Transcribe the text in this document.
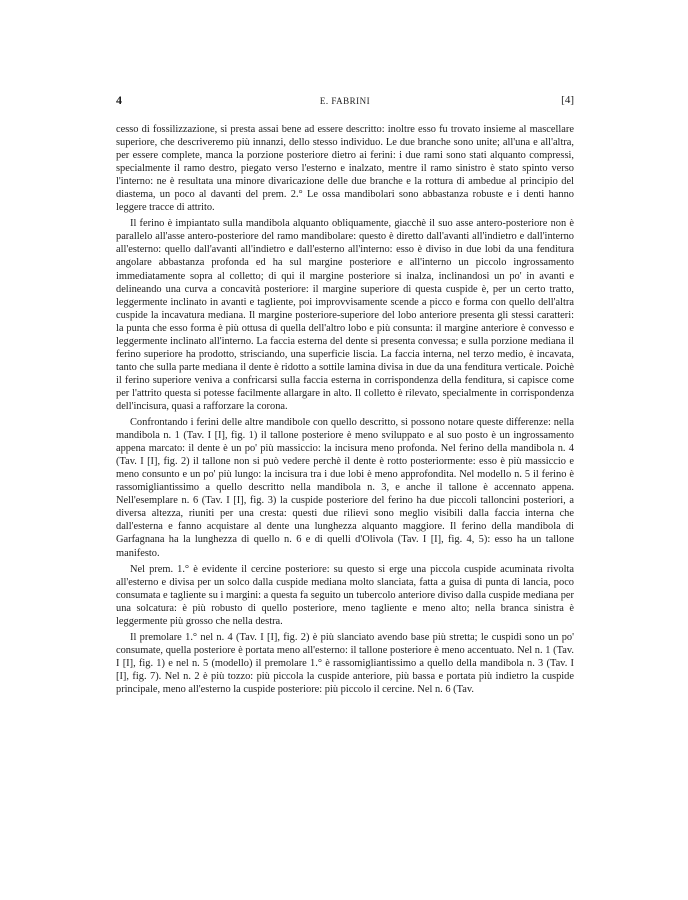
4	E. FABRINI	[4]

cesso di fossilizzazione, si presta assai bene ad essere descritto: inoltre esso fu trovato insieme al mascellare superiore, che descriveremo più innanzi, dello stesso individuo. Le due branche sono unite; all'una e all'altra, per essere complete, manca la porzione posteriore dietro ai ferini: i due rami sono stati alquanto compressi, specialmente il ramo destro, piegato verso l'esterno e inalzato, mentre il ramo sinistro è stato spinto verso l'interno: ne è resultata una minore divaricazione delle due branche e la rottura di ambedue al principio del diastema, un poco al davanti del prem. 2.° Le ossa mandibolari sono abbastanza robuste e i denti hanno leggere tracce di attrito.

Il ferino è impiantato sulla mandibola alquanto obliquamente, giacchè il suo asse antero-posteriore non è parallelo all'asse antero-posteriore del ramo mandibolare: questo è diretto dall'avanti all'indietro e dall'interno all'esterno: quello dall'avanti all'indietro e dall'esterno all'interno: esso è diviso in due lobi da una fenditura angolare abbastanza profonda ed ha sul margine posteriore e all'interno un piccolo ingrossamento immediatamente sopra al colletto; di qui il margine posteriore si inalza, inclinandosi un po' in avanti e delineando una curva a concavità posteriore: il margine superiore di questa cuspide è, per un certo tratto, leggermente inclinato in avanti e tagliente, poi improvvisamente scende a picco e forma con quello dell'altra cuspide la incavatura mediana. Il margine posteriore-superiore del lobo anteriore presenta gli stessi caratteri: la punta che esso forma è più ottusa di quella dell'altro lobo e più consunta: il margine anteriore è convesso e leggermente inclinato all'interno. La faccia esterna del dente si presenta convessa; e sulla porzione mediana il ferino superiore ha prodotto, strisciando, una superficie liscia. La faccia interna, nel terzo medio, è incavata, tanto che sulla parte mediana il dente è ridotto a sottile lamina divisa in due da una fenditura verticale. Poichè il ferino superiore veniva a confricarsi sulla faccia esterna in corrispondenza della fenditura, si capisce come per l'attrito questa si potesse facilmente allargare in alto. Il colletto è rilevato, specialmente in corrispondenza dell'incisura, quasi a rafforzare la corona.

Confrontando i ferini delle altre mandibole con quello descritto, si possono notare queste differenze: nella mandibola n. 1 (Tav. I [I], fig. 1) il tallone posteriore è meno sviluppato e al suo posto è un ingrossamento appena marcato: il dente è un po' più massiccio: la incisura meno profonda. Nel ferino della mandibola n. 4 (Tav. I [I], fig. 2) il tallone non si può vedere perchè il dente è rotto posteriormente: esso è più massiccio e meno consunto e un po' più lungo: la incisura tra i due lobi è meno approfondita. Nel modello n. 5 il ferino è rassomigliantissimo a quello descritto nella mandibola n. 3, e anche il tallone è accennato appena. Nell'esemplare n. 6 (Tav. I [I], fig. 3) la cuspide posteriore del ferino ha due piccoli talloncini posteriori, a diversa altezza, riuniti per una cresta: questi due rilievi sono meglio visibili dalla faccia interna che dall'esterna e fanno acquistare al dente una lunghezza alquanto maggiore. Il ferino della mandibola di Garfagnana ha la lunghezza di quello n. 6 e di quelli d'Olivola (Tav. I [I], fig. 4, 5): esso ha un tallone manifesto.

Nel prem. 1.° è evidente il cercine posteriore: su questo si erge una piccola cuspide acuminata rivolta all'esterno e divisa per un solco dalla cuspide mediana molto slanciata, fatta a guisa di punta di lancia, poco consumata e tagliente su i margini: a questa fa seguito un tubercolo anteriore diviso dalla cuspide mediana per una solcatura: è più robusto di quello posteriore, meno tagliente e meno alto; nella branca sinistra è leggermente più grosso che nella destra.

Il premolare 1.° nel n. 4 (Tav. I [I], fig. 2) è più slanciato avendo base più stretta; le cuspidi sono un po' consumate, quella posteriore è portata meno all'esterno: il tallone posteriore è meno accentuato. Nel n. 1 (Tav. I [I], fig. 1) e nel n. 5 (modello) il premolare 1.° è rassomigliantissimo a quello della mandibola n. 3 (Tav. I [I], fig. 7). Nel n. 2 è più tozzo: più piccola la cuspide anteriore, più bassa e portata più indietro la cuspide principale, meno all'esterno la cuspide posteriore: più piccolo il cercine. Nel n. 6 (Tav.
